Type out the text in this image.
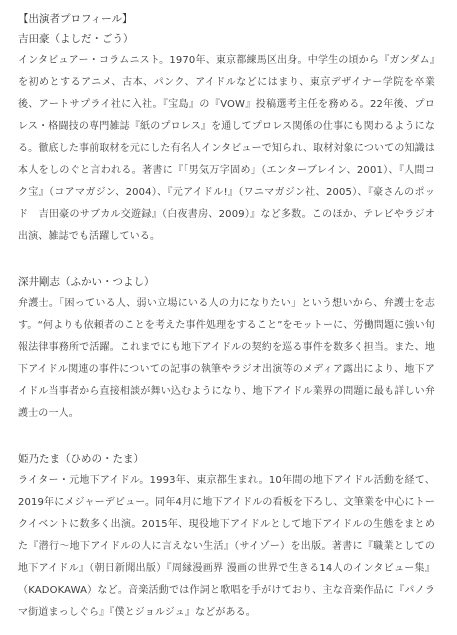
【出演者プロフィール】

吉田豪（よしだ・ごう）

インタビュアー・コラムニスト。1970年、東京都練馬区出身。中学生の頃から『ガンダム』を初めとするアニメ、古本、パンク、アイドルなどにはまり、東京デザイナー学院を卒業後、アートサプライ社に入社。『宝島』の『VOW』投稿選考主任を務める。22年後、プロレス・格闘技の専門雑誌『紙のプロレス』を通してプロレス関係の仕事にも関わるようになる。徹底した事前取材を元にした有名人インタビューで知られ、取材対象についての知識は本人をしのぐと言われる。著書に『「男気万字固め」（エンターブレイン、2001）、『人間コク宝』（コアマガジン、2004）、『元アイドル!』（ワニマガジン社、2005）、『豪さんのポッド　吉田豪のサブカル交遊録』（白夜書房、2009）』など多数。このほか、テレビやラジオ出演、雑誌でも活躍している。

深井剛志（ふかい・つよし）

弁護士。「困っている人、弱い立場にいる人の力になりたい」という想いから、弁護士を志す。“何よりも依頼者のことを考えた事件処理をすること”をモットーに、労働問題に強い旬報法律事務所で活躍。これまでにも地下アイドルの契約を巡る事件を数多く担当。また、地下アイドル関連の事件についての記事の執筆やラジオ出演等のメディア露出により、地下アイドル当事者から直接相談が舞い込むようになり、地下アイドル業界の問題に最も詳しい弁護士の一人。

姫乃たま（ひめの・たま）

ライター・元地下アイドル。1993年、東京都生まれ。10年間の地下アイドル活動を経て、2019年にメジャーデビュー。同年4月に地下アイドルの看板を下ろし、文筆業を中心にトークイベントに数多く出演。2015年、現役地下アイドルとして地下アイドルの生態をまとめた『潜行～地下アイドルの人に言えない生活』（サイゾー）を出版。著書に『職業としての地下アイドル』（朝日新聞出版）『周縁漫画界 漫画の世界で生きる14人のインタビュー集』（KADOKAWA）など。音楽活動では作詞と歌唱を手がけており、主な音楽作品に『パノラマ街道まっしぐら』『僕とジョルジュ』などがある。
